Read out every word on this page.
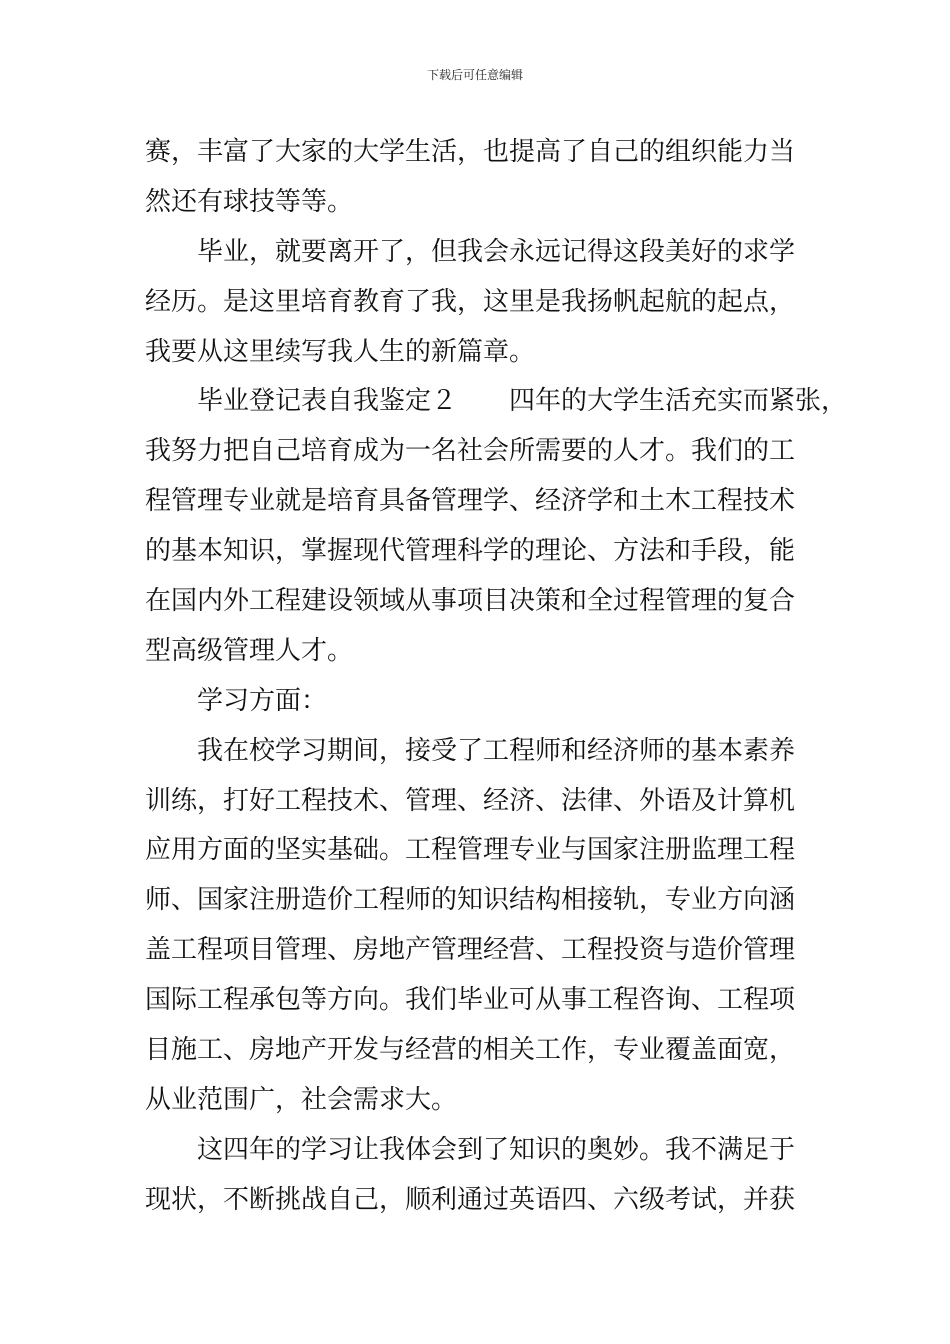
下载后可任意编辑
赛，丰富了大家的大学生活，也提高了自己的组织能力当
然还有球技等等。
毕业，就要离开了，但我会永远记得这段美好的求学
经历。是这里培育教育了我，这里是我扬帆起航的起点，
我要从这里续写我人生的新篇章。
毕业登记表自我鉴定２　　四年的大学生活充实而紧张，
我努力把自己培育成为一名社会所需要的人才。我们的工
程管理专业就是培育具备管理学、经济学和土木工程技术
的基本知识，掌握现代管理科学的理论、方法和手段，能
在国内外工程建设领域从事项目决策和全过程管理的复合
型高级管理人才。
学习方面：
我在校学习期间，接受了工程师和经济师的基本素养
训练，打好工程技术、管理、经济、法律、外语及计算机
应用方面的坚实基础。工程管理专业与国家注册监理工程
师、国家注册造价工程师的知识结构相接轨，专业方向涵
盖工程项目管理、房地产管理经营、工程投资与造价管理
国际工程承包等方向。我们毕业可从事工程咨询、工程项
目施工、房地产开发与经营的相关工作，专业覆盖面宽，
从业范围广，社会需求大。
这四年的学习让我体会到了知识的奥妙。我不满足于
现状，不断挑战自己，顺利通过英语四、六级考试，并获
